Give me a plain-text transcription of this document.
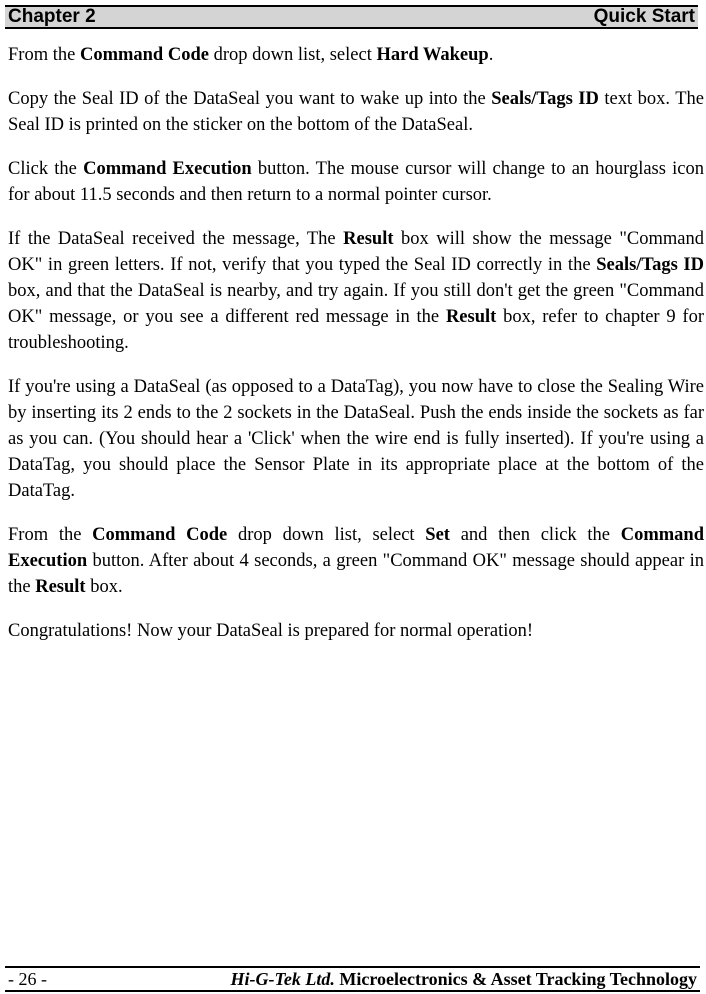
Chapter 2	Quick Start

From the Command Code drop down list, select Hard Wakeup.

Copy the Seal ID of the DataSeal you want to wake up into the Seals/Tags ID text box. The Seal ID is printed on the sticker on the bottom of the DataSeal.

Click the Command Execution button. The mouse cursor will change to an hourglass icon for about 11.5 seconds and then return to a normal pointer cursor.

If the DataSeal received the message, The Result box will show the message "Command OK" in green letters. If not, verify that you typed the Seal ID correctly in the Seals/Tags ID box, and that the DataSeal is nearby, and try again. If you still don't get the green "Command OK" message, or you see a different red message in the Result box, refer to chapter 9 for troubleshooting.

If you're using a DataSeal (as opposed to a DataTag), you now have to close the Sealing Wire by inserting its 2 ends to the 2 sockets in the DataSeal. Push the ends inside the sockets as far as you can. (You should hear a 'Click' when the wire end is fully inserted). If you're using a DataTag, you should place the Sensor Plate in its appropriate place at the bottom of the DataTag.

From the Command Code drop down list, select Set and then click the Command Execution button. After about 4 seconds, a green "Command OK" message should appear in the Result box.

Congratulations! Now your DataSeal is prepared for normal operation!

- 26 -	Hi-G-Tek Ltd. Microelectronics & Asset Tracking Technology
